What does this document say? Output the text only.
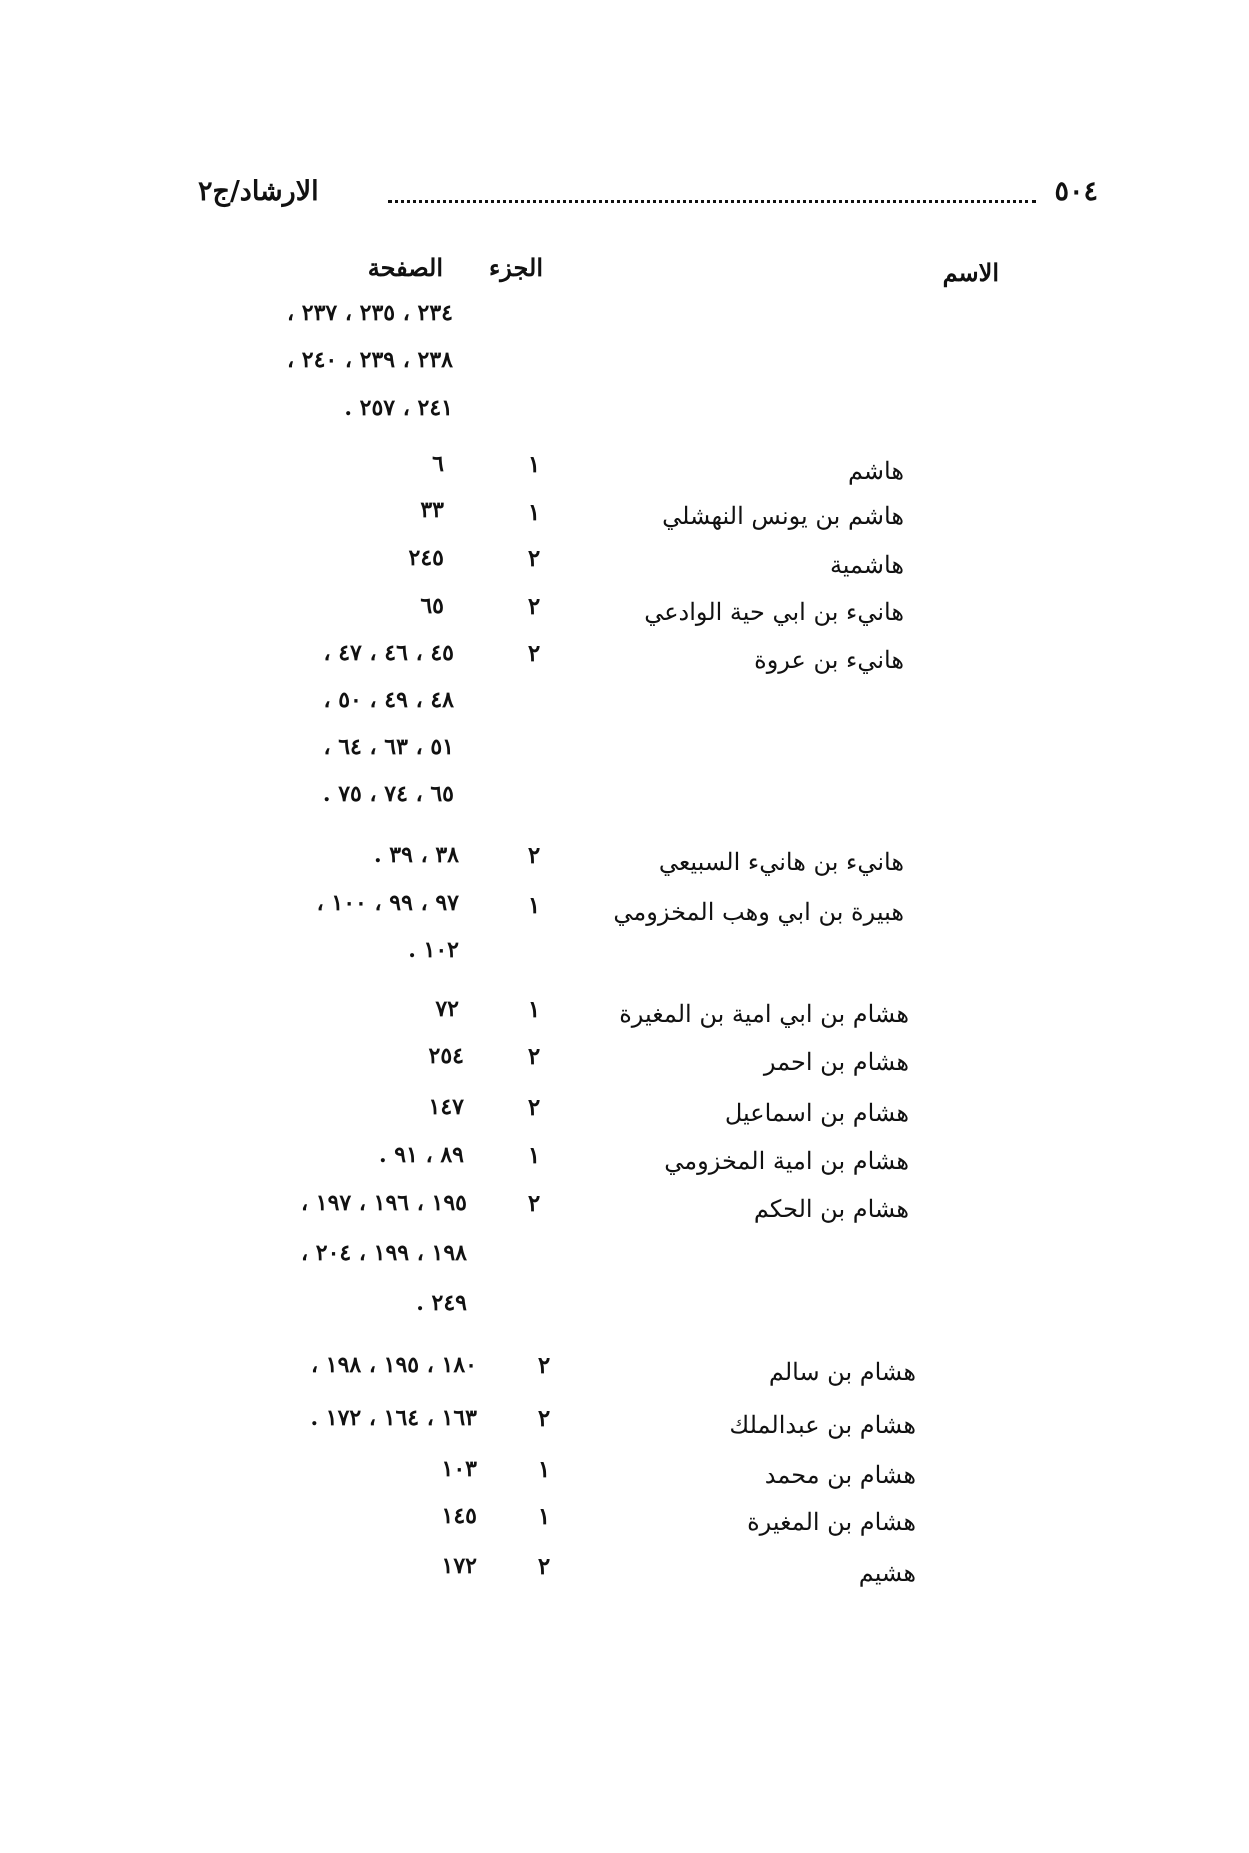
٥٠٤
الارشاد/ج٢
الاسم
الجزء
الصفحة
٢٣٤ ، ٢٣٥ ، ٢٣٧ ،
٢٣٨ ، ٢٣٩ ، ٢٤٠ ،
٢٤١ ، ٢٥٧ .
هاشم
١
٦
هاشم بن يونس النهشلي
١
٣٣
هاشمية
٢
٢٤٥
هانيء بن ابي حية الوادعي
٢
٦٥
هانيء بن عروة
٢
٤٥ ، ٤٦ ، ٤٧ ،
٤٨ ، ٤٩ ، ٥٠ ،
٥١ ، ٦٣ ، ٦٤ ،
٦٥ ، ٧٤ ، ٧٥ .
هانيء بن هانيء السبيعي
٢
٣٨ ، ٣٩ .
هبيرة بن ابي وهب المخزومي
١
٩٧ ، ٩٩ ، ١٠٠ ،
١٠٢ .
هشام بن ابي امية بن المغيرة
١
٧٢
هشام بن احمر
٢
٢٥٤
هشام بن اسماعيل
٢
١٤٧
هشام بن امية المخزومي
١
٨٩ ، ٩١ .
هشام بن الحكم
٢
١٩٥ ، ١٩٦ ، ١٩٧ ،
١٩٨ ، ١٩٩ ، ٢٠٤ ،
٢٤٩ .
هشام بن سالم
٢
١٨٠ ، ١٩٥ ، ١٩٨ ،
هشام بن عبدالملك
٢
١٦٣ ، ١٦٤ ، ١٧٢ .
هشام بن محمد
١
١٠٣
هشام بن المغيرة
١
١٤٥
هشيم
٢
١٧٢
